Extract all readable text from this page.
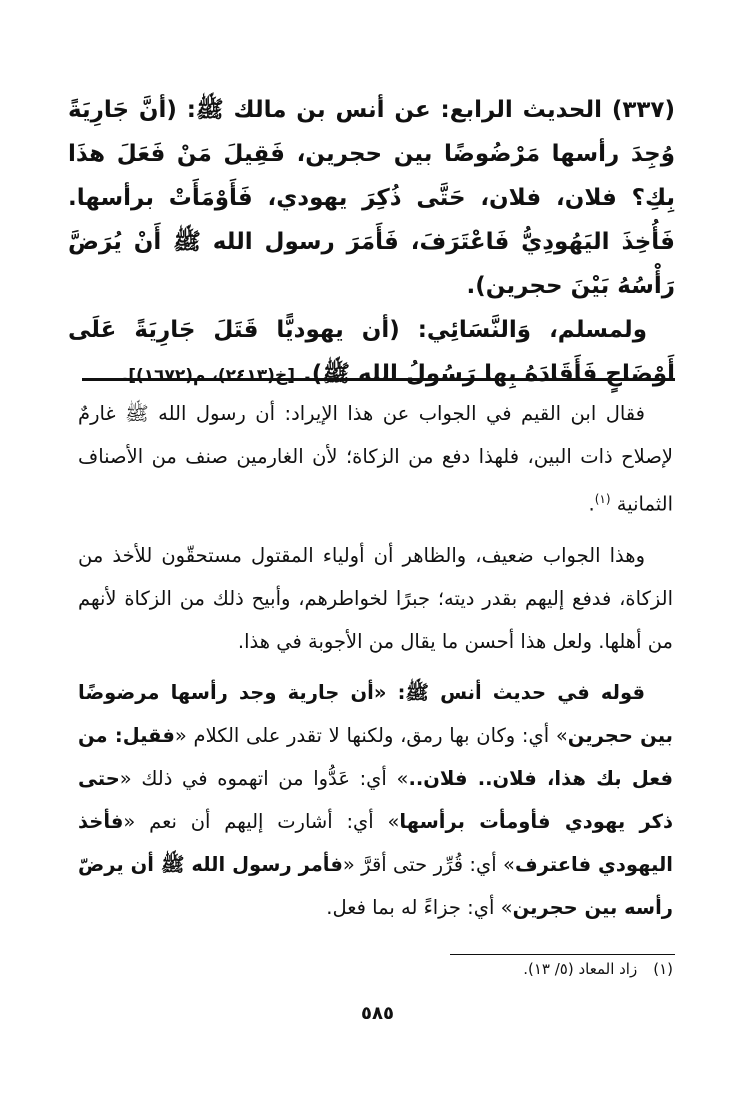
(٣٣٧) الحديث الرابع: عن أنس بن مالك ﷺ: (أنَّ جَارِيَةً وُجِدَ رأسها مَرْضُوضًا بين حجرين، فَقِيلَ مَنْ فَعَلَ هذَا بِكِ؟ فلان، فلان، حَتَّى ذُكِرَ يهودي، فَأَوْمَأَتْ برأسها. فَأُخِذَ اليَهُودِيُّ فَاعْتَرَفَ، فَأَمَرَ رسول الله ﷺ أَنْ يُرَضَّ رَأْسُهُ بَيْنَ حجرين).

ولمسلم، وَالنَّسَائِي: (أن يهوديًّا قَتَلَ جَارِيَةً عَلَى أَوْضَاحٍ فَأَقَادَهُ بِها رَسُولُ الله ﷺ). [خ(٢٤١٣)، م(١٦٧٢)].

فقال ابن القيم في الجواب عن هذا الإيراد: أن رسول الله ﷺ غارمٌ لإصلاح ذات البين، فلهذا دفع من الزكاة؛ لأن الغارمين صنف من الأصناف الثمانية $^{(١)}$.

وهذا الجواب ضعيف، والظاهر أن أولياء المقتول مستحقّون للأخذ من الزكاة، فدفع إليهم بقدر ديته؛ جبرًا لخواطرهم، وأبيح ذلك من الزكاة لأنهم من أهلها. ولعل هذا أحسن ما يقال من الأجوبة في هذا.

قوله في حديث أنس ﷺ: «أن جارية وجد رأسها مرضوضًا بين حجرين» أي: وكان بها رمق، ولكنها لا تقدر على الكلام «فقيل: من فعل بك هذا، فلان.. فلان..» أي: عَدُّوا من اتهموه في ذلك «حتى ذكر يهودي فأومأت برأسها» أي: أشارت إليهم أن نعم «فأخذ اليهودي فاعترف» أي: قُرِّر حتى أقرَّ «فأمر رسول الله ﷺ أن يرضّ رأسه بين حجرين» أي: جزاءً له بما فعل.

(١)زاد المعاد (٥/ ١٣).
٥٨٥
